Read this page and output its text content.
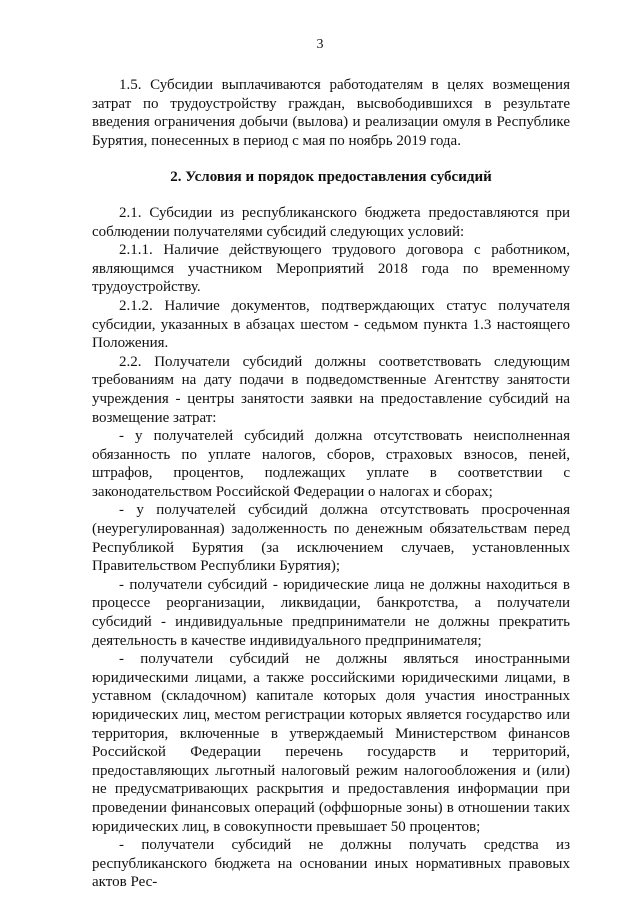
3

1.5. Субсидии выплачиваются работодателям в целях возмещения затрат по трудоустройству граждан, высвободившихся в результате введения ограничения добычи (вылова) и реализации омуля в Республике Бурятия, понесенных в период с мая по ноябрь 2019 года.

2. Условия и порядок предоставления субсидий

2.1. Субсидии из республиканского бюджета предоставляются при соблюдении получателями субсидий следующих условий:

2.1.1. Наличие действующего трудового договора с работником, являющимся участником Мероприятий 2018 года по временному трудоустройству.

2.1.2. Наличие документов, подтверждающих статус получателя субсидии, указанных в абзацах шестом - седьмом пункта 1.3 настоящего Положения.

2.2. Получатели субсидий должны соответствовать следующим требованиям на дату подачи в подведомственные Агентству занятости учреждения - центры занятости заявки на предоставление субсидий на возмещение затрат:

- у получателей субсидий должна отсутствовать неисполненная обязанность по уплате налогов, сборов, страховых взносов, пеней, штрафов, процентов, подлежащих уплате в соответствии с законодательством Российской Федерации о налогах и сборах;

- у получателей субсидий должна отсутствовать просроченная (неурегулированная) задолженность по денежным обязательствам перед Республикой Бурятия (за исключением случаев, установленных Правительством Республики Бурятия);

- получатели субсидий - юридические лица не должны находиться в процессе реорганизации, ликвидации, банкротства, а получатели субсидий - индивидуальные предприниматели не должны прекратить деятельность в качестве индивидуального предпринимателя;

- получатели субсидий не должны являться иностранными юридическими лицами, а также российскими юридическими лицами, в уставном (складочном) капитале которых доля участия иностранных юридических лиц, местом регистрации которых является государство или территория, включенные в утверждаемый Министерством финансов Российской Федерации перечень государств и территорий, предоставляющих льготный налоговый режим налогообложения и (или) не предусматривающих раскрытия и предоставления информации при проведении финансовых операций (оффшорные зоны) в отношении таких юридических лиц, в совокупности превышает 50 процентов;

- получатели субсидий не должны получать средства из республиканского бюджета на основании иных нормативных правовых актов Рес-
